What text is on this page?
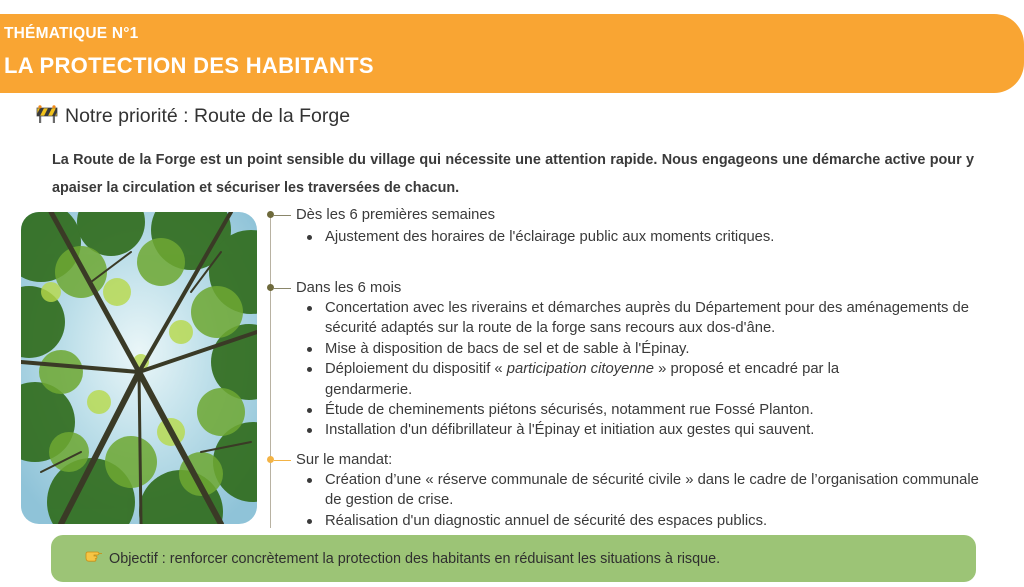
THÉMATIQUE N°1
LA PROTECTION DES HABITANTS
Notre priorité : Route de la Forge

La Route de la Forge est un point sensible du village qui nécessite une attention rapide. Nous engageons une démarche active pour y apaiser la circulation et sécuriser les traversées de chacun.

Dès les 6 premières semaines
Ajustement des horaires de l'éclairage public aux moments critiques.
Dans les 6 mois
Concertation avec les riverains et démarches auprès du Département pour des aménagements de sécurité adaptés sur la route de la forge sans recours aux dos-d'âne.
Mise à disposition de bacs de sel et de sable à l'Épinay.
Déploiement du dispositif « participation citoyenne » proposé et encadré par la gendarmerie.
Étude de cheminements piétons sécurisés, notamment rue Fossé Planton.
Installation d'un défibrillateur à l'Épinay et initiation aux gestes qui sauvent.
Sur le mandat:
Création d’une « réserve communale de sécurité civile » dans le cadre de l’organisation communale de gestion de crise.
Réalisation d'un diagnostic annuel de sécurité des espaces publics.
Objectif : renforcer concrètement la protection des habitants en réduisant les situations à risque.
